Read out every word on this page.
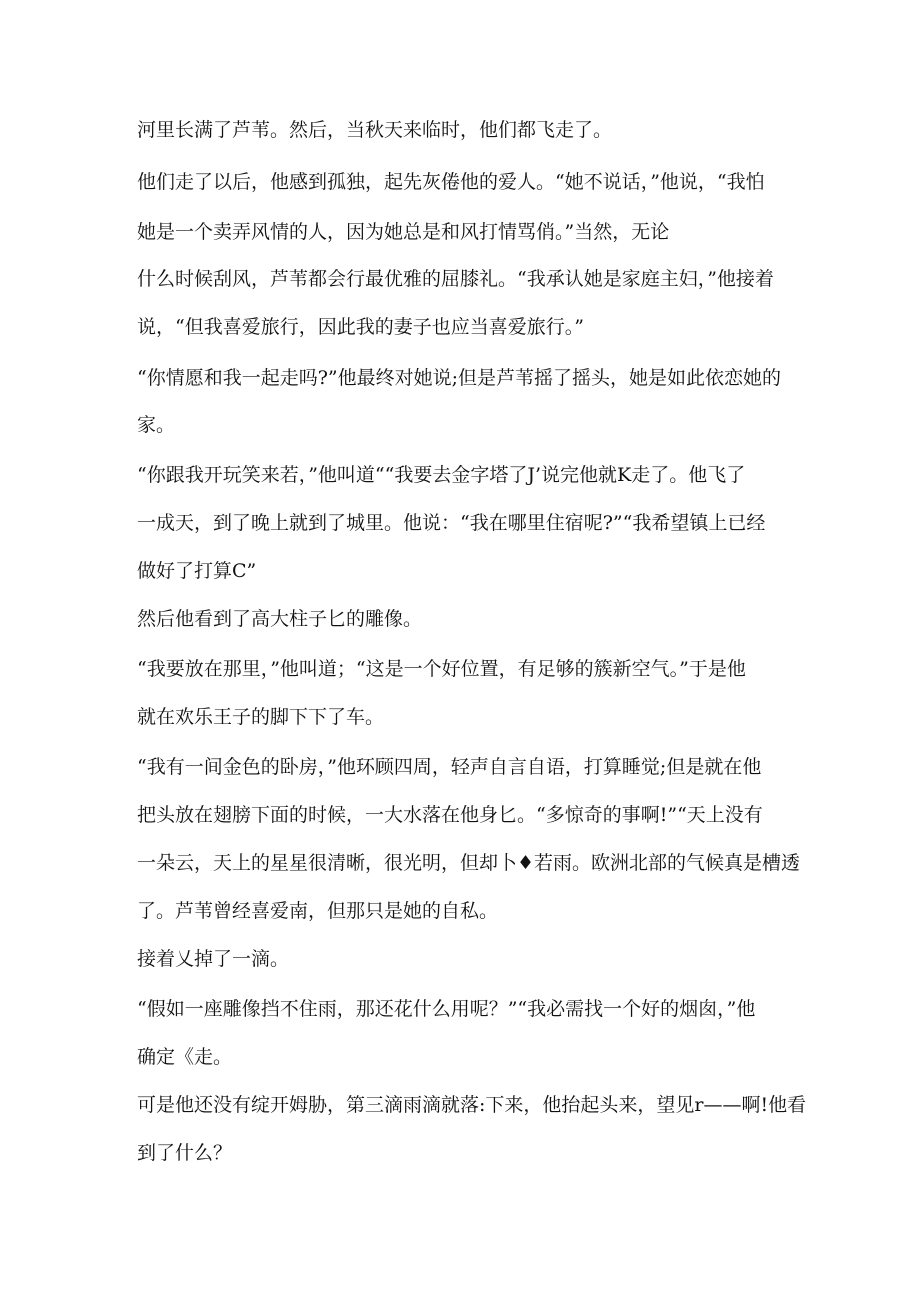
河里长满了芦苇。然后，当秋天来临时，他们都飞走了。
他们走了以后，他感到孤独，起先灰倦他的爱人。“她不说话，”他说，“我怕
她是一个卖弄风情的人，因为她总是和风打情骂俏。”当然，无论
什么时候刮风，芦苇都会行最优雅的屈膝礼。“我承认她是家庭主妇，”他接着
说，“但我喜爱旅行，因此我的妻子也应当喜爱旅行。”
“你情愿和我一起走吗?”他最终对她说;但是芦苇摇了摇头，她是如此依恋她的
家。
“你跟我开玩笑来若，”他叫道““我要去金字塔了J’说完他就K走了。他飞了
一成天，到了晚上就到了城里。他说：“我在哪里住宿呢?”“我希望镇上已经
做好了打算C”
然后他看到了高大柱子匕的雕像。
“我要放在那里，”他叫道；“这是一个好位置，有足够的簇新空气。”于是他
就在欢乐王子的脚下下了车。
“我有一间金色的卧房，”他环顾四周，轻声自言自语，打算睡觉;但是就在他
把头放在翅膀下面的时候，一大水落在他身匕。“多惊奇的事啊!”“天上没有
一朵云，天上的星星很清晰，很光明，但却卜♦若雨。欧洲北部的气候真是槽透
了。芦苇曾经喜爱南，但那只是她的自私。
接着乂掉了一滴。
“假如一座雕像挡不住雨，那还花什么用呢？”“我必需找一个好的烟囱，”他
确定《走。
可是他还没有绽开姆胁，第三滴雨滴就落:下来，他抬起头来，望见r——啊!他看
到了什么？
